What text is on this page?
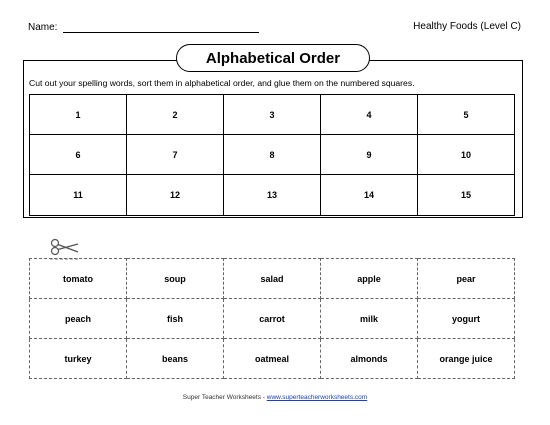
Name:	Healthy Foods (Level C)
Alphabetical Order
Cut out your spelling words, sort them in alphabetical order, and glue them on the numbered squares.
1	2	3	4	5
6	7	8	9	10
11	12	13	14	15
tomato	soup	salad	apple	pear
peach	fish	carrot	milk	yogurt
turkey	beans	oatmeal	almonds	orange juice
Super Teacher Worksheets - www.superteacherworksheets.com
